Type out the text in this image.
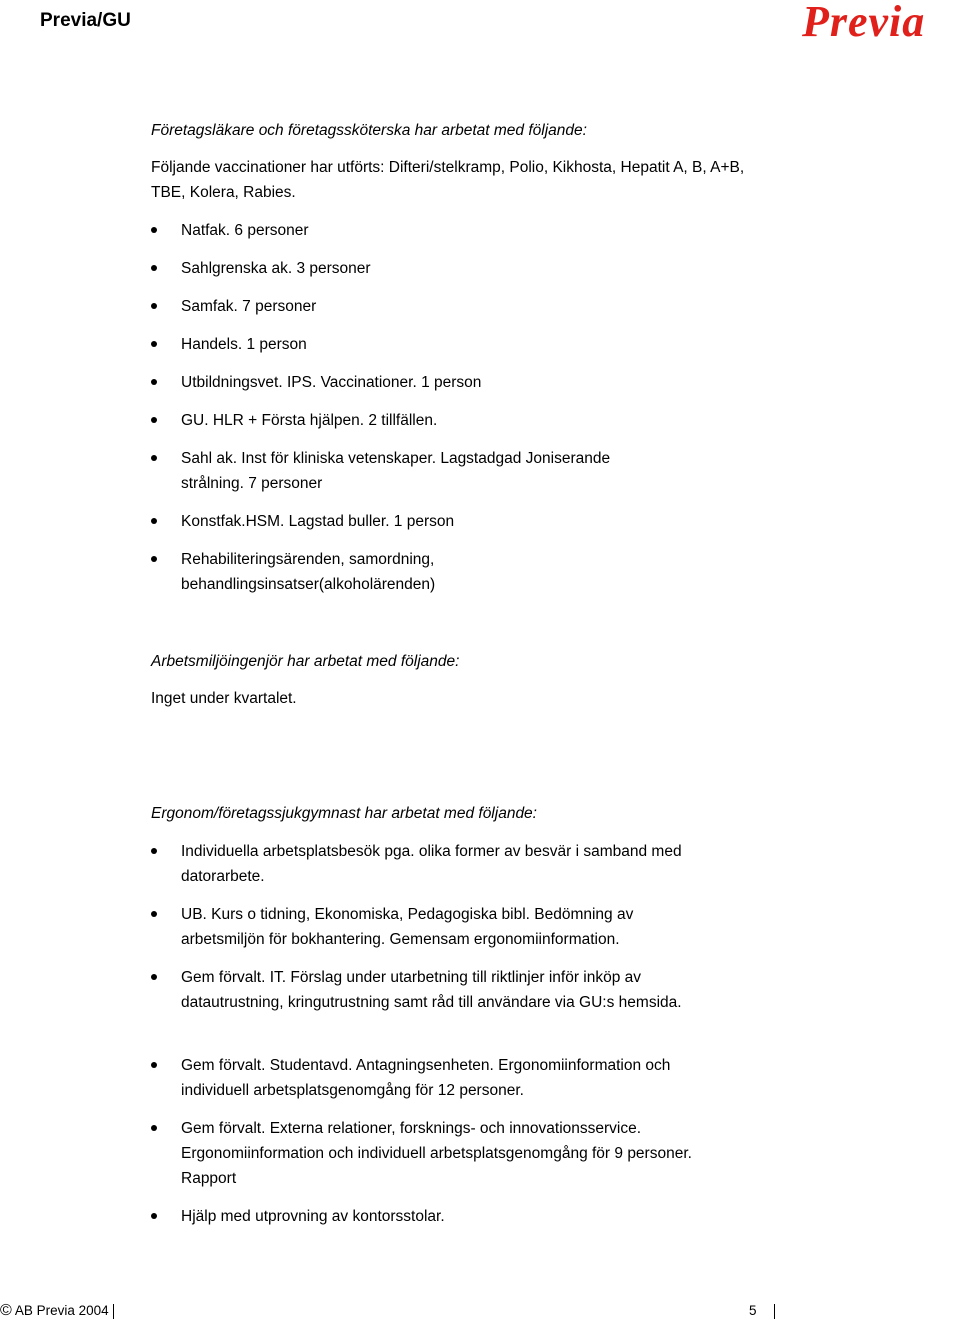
Previa/GU	Previa

Företagsläkare och företagssköterska har arbetat med följande:

Följande vaccinationer har utförts: Difteri/stelkramp, Polio, Kikhosta, Hepatit A, B, A+B, TBE, Kolera, Rabies.

Natfak. 6 personer
Sahlgrenska ak. 3 personer
Samfak. 7 personer
Handels. 1 person
Utbildningsvet. IPS. Vaccinationer. 1 person
GU. HLR + Första hjälpen. 2 tillfällen.
Sahl ak. Inst för kliniska vetenskaper. Lagstadgad Joniserande strålning. 7 personer
Konstfak.HSM. Lagstad buller. 1 person
Rehabiliteringsärenden, samordning, behandlingsinsatser(alkoholärenden)

Arbetsmiljöingenjör har arbetat med följande:

Inget under kvartalet.

Ergonom/företagssjukgymnast har arbetat med följande:

Individuella arbetsplatsbesök pga. olika former av besvär i samband med datorarbete.
UB. Kurs o tidning, Ekonomiska, Pedagogiska bibl. Bedömning av arbetsmiljön för bokhantering. Gemensam ergonomiinformation.
Gem förvalt. IT. Förslag under utarbetning till riktlinjer inför inköp av datautrustning, kringutrustning samt råd till användare via GU:s hemsida.
Gem förvalt. Studentavd. Antagningsenheten. Ergonomiinformation och individuell arbetsplatsgenomgång för 12 personer.
Gem förvalt. Externa relationer, forsknings- och innovationsservice. Ergonomiinformation och individuell arbetsplatsgenomgång för 9 personer. Rapport
Hjälp med utprovning av kontorsstolar.
© AB Previa 2004	5
